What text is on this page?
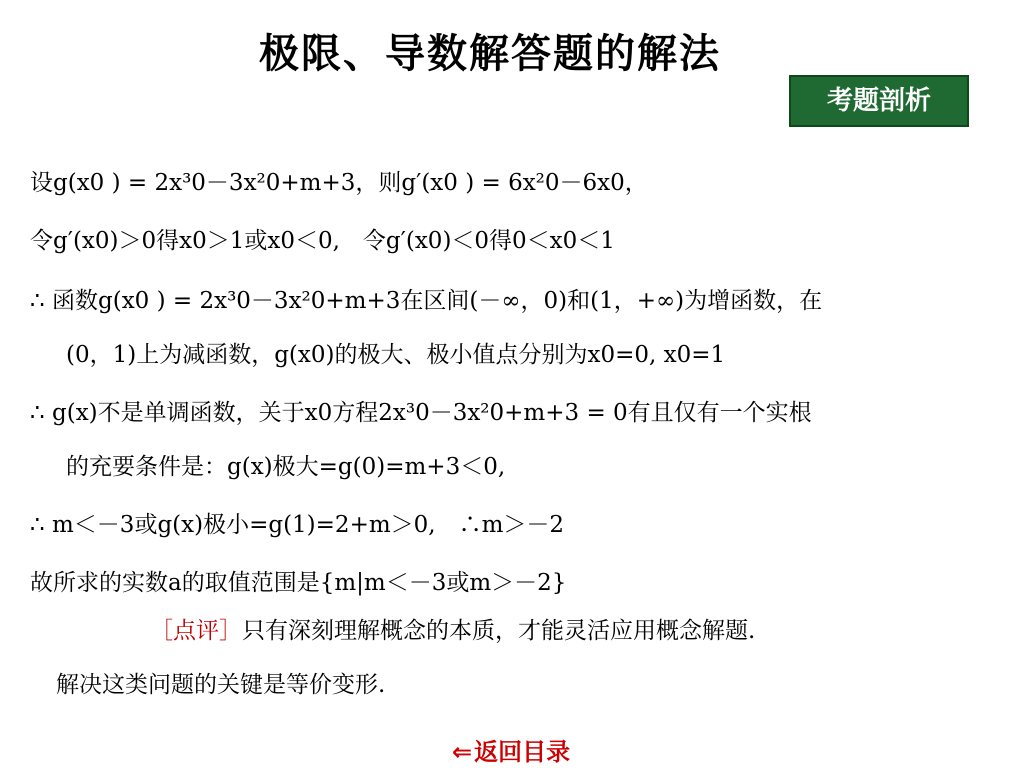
极限、导数解答题的解法
考题剖析
设g(x0 ) = 2x³0－3x²0+m+3，则g′(x0 ) = 6x²0－6x0，
令g′(x0)＞0得x0＞1或x0＜0,　令g′(x0)＜0得0＜x0＜1
∴ 函数g(x0 ) = 2x³0－3x²0+m+3在区间(－∞，0)和(1，+∞)为增函数，在
(0，1)上为减函数，g(x0)的极大、极小值点分别为x0=0, x0=1
∴ g(x)不是单调函数，关于x0方程2x³0－3x²0+m+3 = 0有且仅有一个实根
的充要条件是：g(x)极大=g(0)=m+3＜0,
∴ m＜－3或g(x)极小=g(1)=2+m＞0,　∴m＞－2
故所求的实数a的取值范围是{m|m＜－3或m＞－2}
［点评］只有深刻理解概念的本质，才能灵活应用概念解题.
解决这类问题的关键是等价变形.
⇐返回目录
